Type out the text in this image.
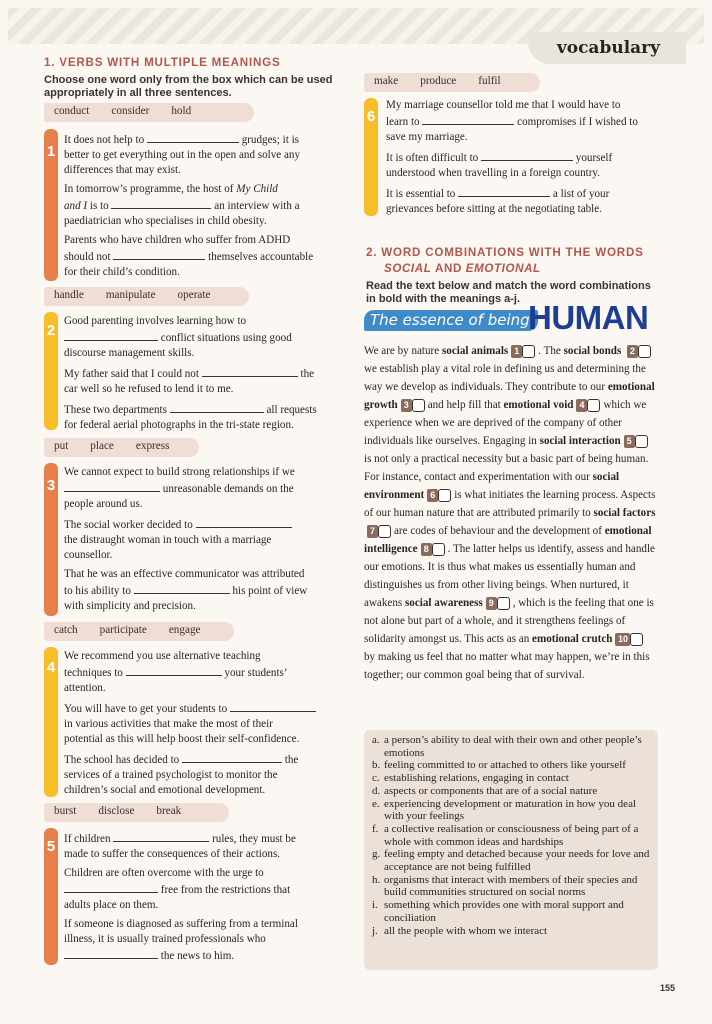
vocabulary
1. VERBS WITH MULTIPLE MEANINGS
Choose one word only from the box which can be used
appropriately in all three sentences.
conduct consider hold
1

It does not help to	grudges; it is
better to get everything out in the open and solve any
differences that may exist.

In tomorrow’s programme, the host of My Child
and I is to	an interview with a
paediatrician who specialises in child obesity.

Parents who have children who suffer from ADHD
should not	themselves accountable
for their child’s condition.

handle manipulate operate
2

Good parenting involves learning how to
conflict situations using good
discourse management skills.

My father said that I could not	the
car well so he refused to lend it to me.

These two departments	all requests
for federal aerial photographs in the tri-state region.

put place express
3

We cannot expect to build strong relationships if we
unreasonable demands on the
people around us.

The social worker decided to
the distraught woman in touch with a marriage
counsellor.

That he was an effective communicator was attributed
to his ability to	his point of view
with simplicity and precision.

catch participate engage
4

We recommend you use alternative teaching
techniques to	your students’
attention.

You will have to get your students to
in various activities that make the most of their
potential as this will help boost their self-confidence.

The school has decided to	the
services of a trained psychologist to monitor the
children’s social and emotional development.

burst disclose break
5 If children	rules, they must be
made to suffer the consequences of their actions.

Children are often overcome with the urge to
free from the restrictions that
adults place on them.

If someone is diagnosed as suffering from a terminal
illness, it is usually trained professionals who
the news to him.

make produce fulfil
6

My marriage counsellor told me that I would have to
learn to	compromises if I wished to
save my marriage.

It is often difficult to	yourself
understood when travelling in a foreign country.

It is essential to	a list of your
grievances before sitting at the negotiating table.

2. WORD COMBINATIONS WITH THE WORDS
SOCIAL AND EMOTIONAL
Read the text below and match the word combinations
in bold with the meanings a-j.
The essence of being
HUMAN

We are by nature social animals 1 . The social bonds 2we establish play a vital role in defining us and determining the way we develop as individuals. They contribute to our emotional growth 3 and help fill that emotional void 4 which we experience when we are deprived of the company of other individuals like ourselves. Engaging in social interaction 5is not only a practical necessity but a basic part of being human. For instance, contact and experimentation with our social environment 6 is what initiates the learning process. Aspects of our human nature that are attributed primarily to social factors7 are codes of behaviour and the development of emotional intelligence 8 . The latter helps us identify, assess and handle our emotions. It is thus what makes us essentially human and distinguishes us from other living beings. When nurtured, it awakens social awareness 9 , which is the feeling that one is not alone but part of a whole, and it strengthens feelings of solidarity amongst us. This acts as an emotional crutch 10 by making us feel that no matter what may happen, we’re in this together; our common goal being that of survival.

a. a person’s ability to deal with their own and other people’s emotions
b. feeling committed to or attached to others like yourself
c. establishing relations, engaging in contact
d. aspects or components that are of a social nature
e. experiencing development or maturation in how you deal with your feelings
f. a collective realisation or consciousness of being part of a whole with common ideas and hardships
g. feeling empty and detached because your needs for love and acceptance are not being fulfilled
h. organisms that interact with members of their species and build communities structured on social norms
i. something which provides one with moral support and conciliation
j. all the people with whom we interact
155
